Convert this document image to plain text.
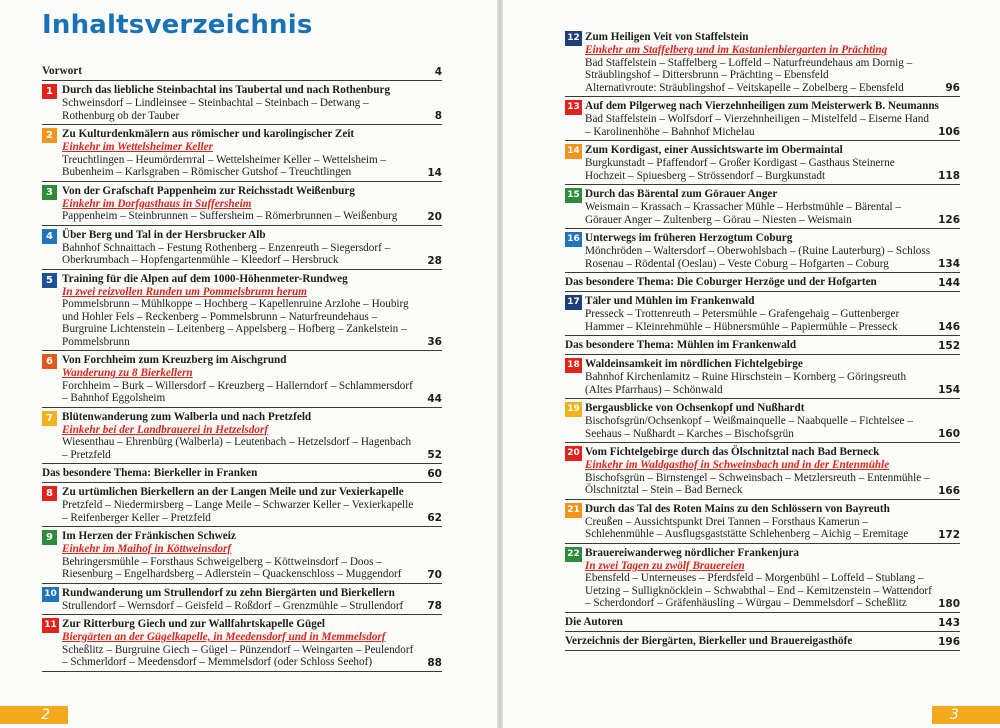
Inhaltsverzeichnis
Vorwort	4
1 Durch das liebliche Steinbachtal ins Taubertal und nach Rothenburg
Schweinsdorf – Lindleinsee – Steinbachtal – Steinbach – Detwang – Rothenburg ob der Tauber	8
2 Zu Kulturdenkmälern aus römischer und karolingischer Zeit
Einkehr im Wettelsheimer Keller
Treuchtlingen – Heumördernтal – Wettelsheimer Keller – Wettelsheim – Bubenheim – Karlsgraben – Römischer Gutshof – Treuchtlingen	14
3 Von der Grafschaft Pappenheim zur Reichsstadt Weißenburg
Einkehr im Dorfgasthaus in Suffersheim
Pappenheim – Steinbrunnen – Suffersheim – Römerbrunnen – Weißenburg	20
4 Über Berg und Tal in der Hersbrucker Alb
Bahnhof Schnaittach – Festung Rothenberg – Enzenreuth – Siegersdorf – Oberkrumbach – Hopfengartenmühle – Kleedorf – Hersbruck	28
5 Training für die Alpen auf dem 1000-Höhenmeter-Rundweg
In zwei reizvollen Runden um Pommelsbrunn herum
Pommelsbrunn – Mühlkoppe – Hochberg – Kapellenruine Arzlohe – Houbirg und Hohler Fels – Reckenberg – Pommelsbrunn – Naturfreundehaus – Burgruine Lichtenstein – Leitenberg – Appelsberg – Hofberg – Zankelstein – Pommelsbrunn	36
6 Von Forchheim zum Kreuzberg im Aischgrund
Wanderung zu 8 Bierkellern
Forchheim – Burk – Willersdorf – Kreuzberg – Hallerndorf – Schlammersdorf – Bahnhof Eggolsheim	44
7 Blütenwanderung zum Walberla und nach Pretzfeld
Einkehr bei der Landbrauerei in Hetzelsdorf
Wiesenthau – Ehrenbürg (Walberla) – Leutenbach – Hetzelsdorf – Hagenbach – Pretzfeld	52
Das besondere Thema: Bierkeller in Franken	60
8 Zu urtümlichen Bierkellern an der Langen Meile und zur Vexierkapelle
Pretzfeld – Niedermirsberg – Lange Meile – Schwarzer Keller – Vexierkapelle – Reifenberger Keller – Pretzfeld	62
9 Im Herzen der Fränkischen Schweiz
Einkehr im Maihof in Köttweinsdorf
Behringersmühle – Forsthaus Schweigelberg – Köttweinsdorf – Doos – Riesenburg – Engelhardsberg – Adlerstein – Quackenschloss – Muggendorf	70
10 Rundwanderung um Strullendorf zu zehn Biergärten und Bierkellern
Strullendorf – Wernsdorf – Geisfeld – Roßdorf – Grenzmühle – Strullendorf	78
11 Zur Ritterburg Giech und zur Wallfahrtskapelle Gügel
Biergärten an der Gügelkapelle, in Meedensdorf und in Memmelsdorf
Scheßlitz – Burgruine Giech – Gügel – Pünzendorf – Weingarten – Peulendorf – Schmerldorf – Meedensdorf – Memmelsdorf (oder Schloss Seehof)	88
2
12 Zum Heiligen Veit von Staffelstein
Einkehr am Staffelberg und im Kastanienbiergarten in Prächting
Bad Staffelstein – Staffelberg – Loffeld – Naturfreundehaus am Dornig – Sträublingshof – Dittersbrunn – Prächting – Ebensfeld
Alternativroute: Sträublingshof – Veitskapelle – Zobelberg – Ebensfeld	96
13 Auf dem Pilgerweg nach Vierzehnheiligen zum Meisterwerk B. Neumanns
Bad Staffelstein – Wolfsdorf – Vierzehnheiligen – Mistelfeld – Eiserne Hand – Karolinenhöhe – Bahnhof Michelau	106
14 Zum Kordigast, einer Aussichtswarte im Obermaintal
Burgkunstadt – Pfaffendorf – Großer Kordigast – Gasthaus Steinerne Hochzeit – Spiuesberg – Strössendorf – Burgkunstadt	118
15 Durch das Bärental zum Görauer Anger
Weismain – Krassach – Krassacher Mühle – Herbstmühle – Bärental – Görauer Anger – Zultenberg – Görau – Niesten – Weismain	126
16 Unterwegs im früheren Herzogtum Coburg
Mönchröden – Waltersdorf – Oberwohlsbach – (Ruine Lauterburg) – Schloss Rosenau – Rödental (Oeslau) – Veste Coburg – Hofgarten – Coburg	134
Das besondere Thema: Die Coburger Herzöge und der Hofgarten	144
17 Täler und Mühlen im Frankenwald
Presseck – Trottenreuth – Petersmühle – Grafengehaig – Guttenberger Hammer – Kleinrehmühle – Hübnersmühle – Papiermühle – Presseck	146
Das besondere Thema: Mühlen im Frankenwald	152
18 Waldeinsamkeit im nördlichen Fichtelgebirge
Bahnhof Kirchenlamitz – Ruine Hirschstein – Kornberg – Göringsreuth (Altes Pfarrhaus) – Schönwald	154
19 Bergausblicke von Ochsenkopf und Nußhardt
Bischofsgrün/Ochsenkopf – Weißmainquelle – Naabquelle – Fichtelsee – Seehaus – Nußhardt – Karches – Bischofsgrün	160
20 Vom Fichtelgebirge durch das Ölschnitztal nach Bad Berneck
Einkehr im Waldgasthof in Schweinsbach und in der Entenmühle
Bischofsgrün – Birnstengel – Schweinsbach – Metzlersreuth – Entenmühle – Ölschnitztal – Stein – Bad Berneck	166
21 Durch das Tal des Roten Mains zu den Schlössern von Bayreuth
Creußen – Aussichtspunkt Drei Tannen – Forsthaus Kamerun – Schlehenmühle – Ausflugsgaststätte Schlehenberg – Aichig – Eremitage	172
22 Brauereiwanderweg nördlicher Frankenjura
In zwei Tagen zu zwölf Brauereien
Ebensfeld – Unterneuses – Pferdsfeld – Morgenbühl – Loffeld – Stublang – Uetzing – Sulligknöcklein – Schwabthal – End – Kemitzenstein – Wattendorf – Scherdondorf – Gräfenhäusling – Würgau – Demmelsdorf – Scheßlitz	180
Die Autoren	143
Verzeichnis der Biergärten, Bierkeller und Brauereigasthöfe	196
3
